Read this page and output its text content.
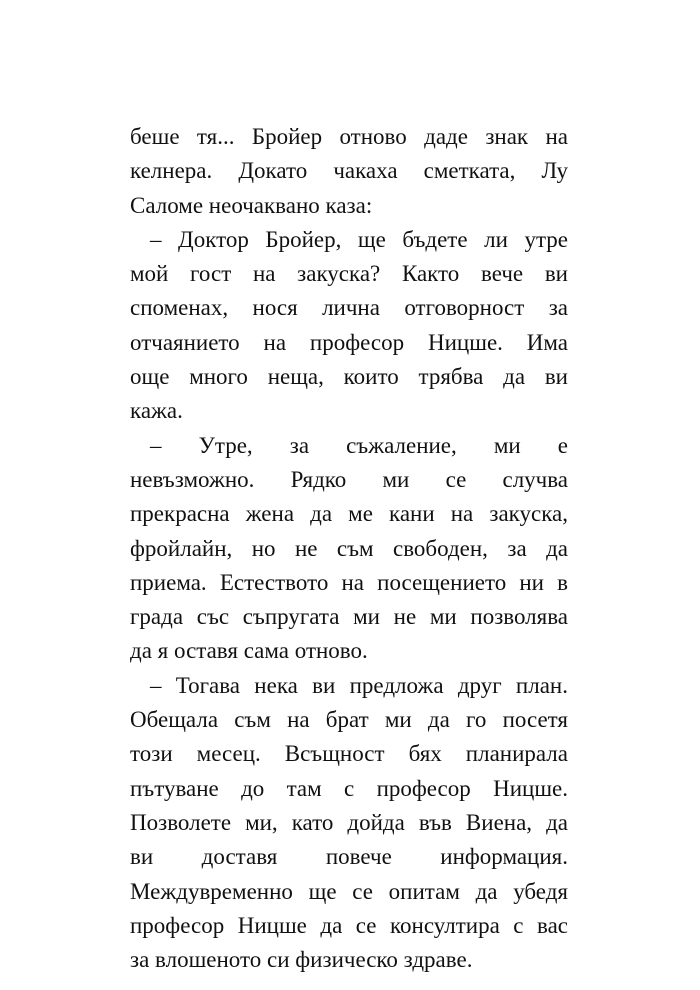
беше тя... Бройер отново даде знак на
келнера. Докато чакаха сметката, Лу
Саломе неочаквано каза:
– Доктор Бройер, ще бъдете ли утре
мой гост на закуска? Както вече ви
споменах, нося лична отговорност за
отчаянието на професор Ницше. Има
още много неща, които трябва да ви
кажа.
– Утре, за съжаление, ми е
невъзможно. Рядко ми се случва
прекрасна жена да ме кани на закуска,
фройлайн, но не съм свободен, за да
приема. Естеството на посещението ни в
града със съпругата ми не ми позволява
да я оставя сама отново.
– Тогава нека ви предложа друг план.
Обещала съм на брат ми да го посетя
този месец. Всъщност бях планирала
пътуване до там с професор Ницше.
Позволете ми, като дойда във Виена, да
ви доставя повече информация.
Междувременно ще се опитам да убедя
професор Ницше да се консултира с вас
за влошеното си физическо здраве.
